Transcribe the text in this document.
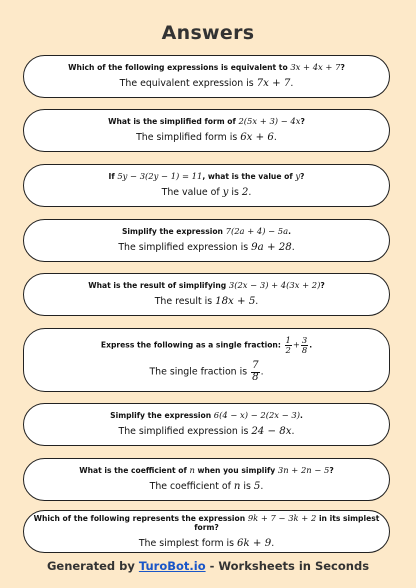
Answers
Which of the following expressions is equivalent to 3x + 4x + 7?
The equivalent expression is 7x + 7.
What is the simplified form of 2(5x + 3) − 4x?
The simplified form is 6x + 6.
If 5y − 3(2y − 1) = 11, what is the value of y?
The value of y is 2.
Simplify the expression 7(2a + 4) − 5a.
The simplified expression is 9a + 28.
What is the result of simplifying 3(2x − 3) + 4(3x + 2)?
The result is 18x + 5.
Express the following as a single fraction: $\frac{1}{2} + \frac{3}{8}$ .
The single fraction is $\frac{7}{8}$ .
Simplify the expression 6(4 − x) − 2(2x − 3).
The simplified expression is 24 − 8x.
What is the coefficient of n when you simplify 3n + 2n − 5?
The coefficient of n is 5.
Which of the following represents the expression 9k + 7 − 3k + 2 in its simplest form?
The simplest form is 6k + 9.
Generated by TuroBot.io - Worksheets in Seconds
